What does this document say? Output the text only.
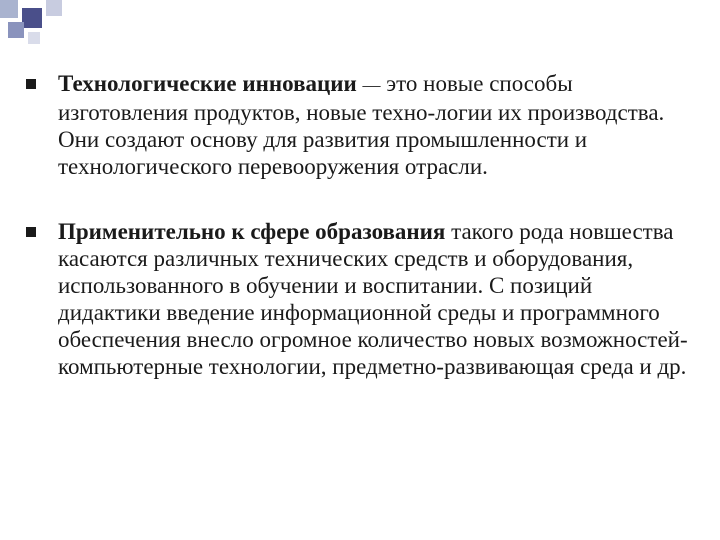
Технологические инновации — это новые способы изготовления продуктов, новые техно-логии их производства. Они создают основу для развития промышленности и технологического перевооружения отрасли.
Применительно к сфере образования такого рода новшества касаются различных технических средств и оборудования, использованного в обучении и воспитании. С позиций дидактики введение информационной среды и программного обеспечения внесло огромное количество новых возможностей- компьютерные технологии, предметно-развивающая среда и др.
